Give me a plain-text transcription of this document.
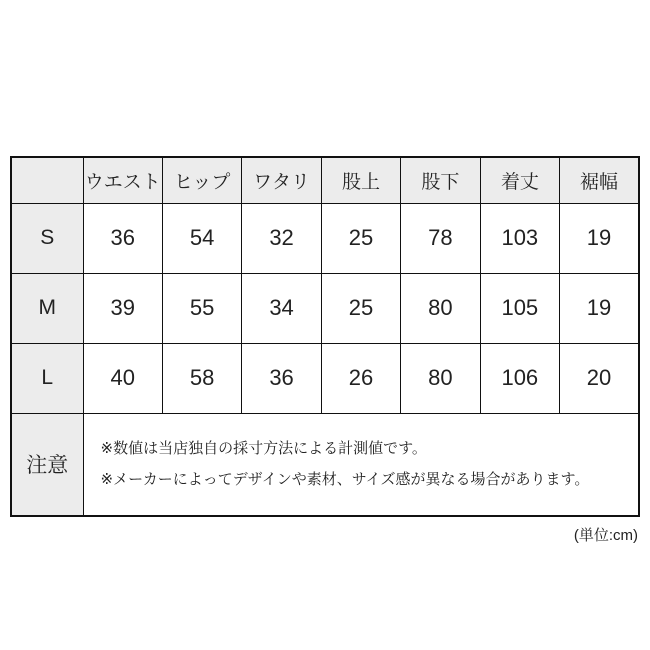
	ウエスト	ヒップ	ワタリ	股上	股下	着丈	裾幅
S	36	54	32	25	78	103	19
M	39	55	34	25	80	105	19
L	40	58	36	26	80	106	20
注意	※数値は当店独自の採寸方法による計測値です。
※メーカーによってデザインや素材、サイズ感が異なる場合があります。						
(単位:cm)
